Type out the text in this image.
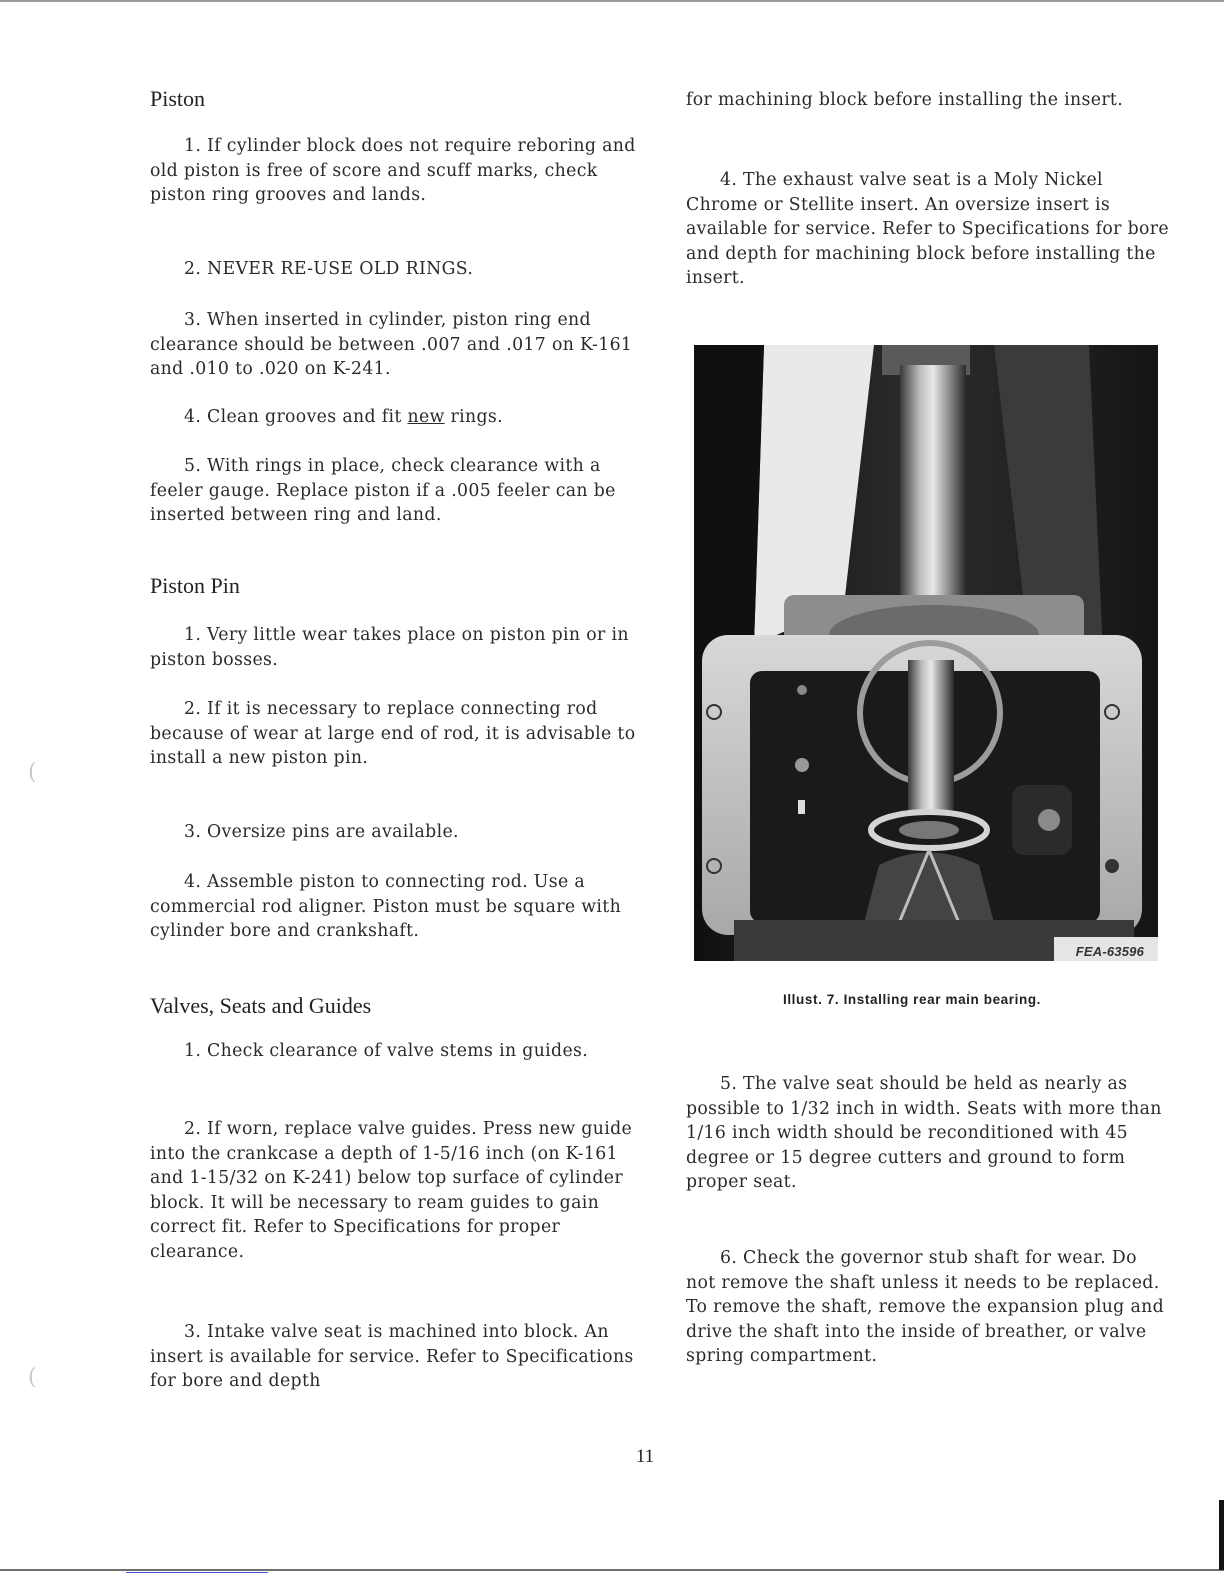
Piston

1. If cylinder block does not require reboring and old piston is free of score and scuff marks, check piston ring grooves and lands.

2. NEVER RE-USE OLD RINGS.

3. When inserted in cylinder, piston ring end clearance should be between .007 and .017 on K-161 and .010 to .020 on K-241.

4. Clean grooves and fit new rings.

5. With rings in place, check clearance with a feeler gauge. Replace piston if a .005 feeler can be inserted between ring and land.

Piston Pin

1. Very little wear takes place on piston pin or in piston bosses.

2. If it is necessary to replace connecting rod because of wear at large end of rod, it is advisable to install a new piston pin.

3. Oversize pins are available.

4. Assemble piston to connecting rod. Use a commercial rod aligner. Piston must be square with cylinder bore and crankshaft.

Valves, Seats and Guides

1. Check clearance of valve stems in guides.

2. If worn, replace valve guides. Press new guide into the crankcase a depth of 1-5/16 inch (on K-161 and 1-15/32 on K-241) below top surface of cylinder block. It will be necessary to ream guides to gain correct fit. Refer to Specifications for proper clearance.

3. Intake valve seat is machined into block. An insert is available for service. Refer to Specifications for bore and depth

for machining block before installing the insert.

4. The exhaust valve seat is a Moly Nickel Chrome or Stellite insert. An oversize insert is available for service. Refer to Specifications for bore and depth for machining block before installing the insert.

5. The valve seat should be held as nearly as possible to 1/32 inch in width. Seats with more than 1/16 inch width should be reconditioned with 45 degree or 15 degree cutters and ground to form proper seat.

6. Check the governor stub shaft for wear. Do not remove the shaft unless it needs to be replaced. To remove the shaft, remove the expansion plug and drive the shaft into the inside of breather, or valve spring compartment.

FEA-63596
Illust. 7. Installing rear main bearing.
11
(
(
